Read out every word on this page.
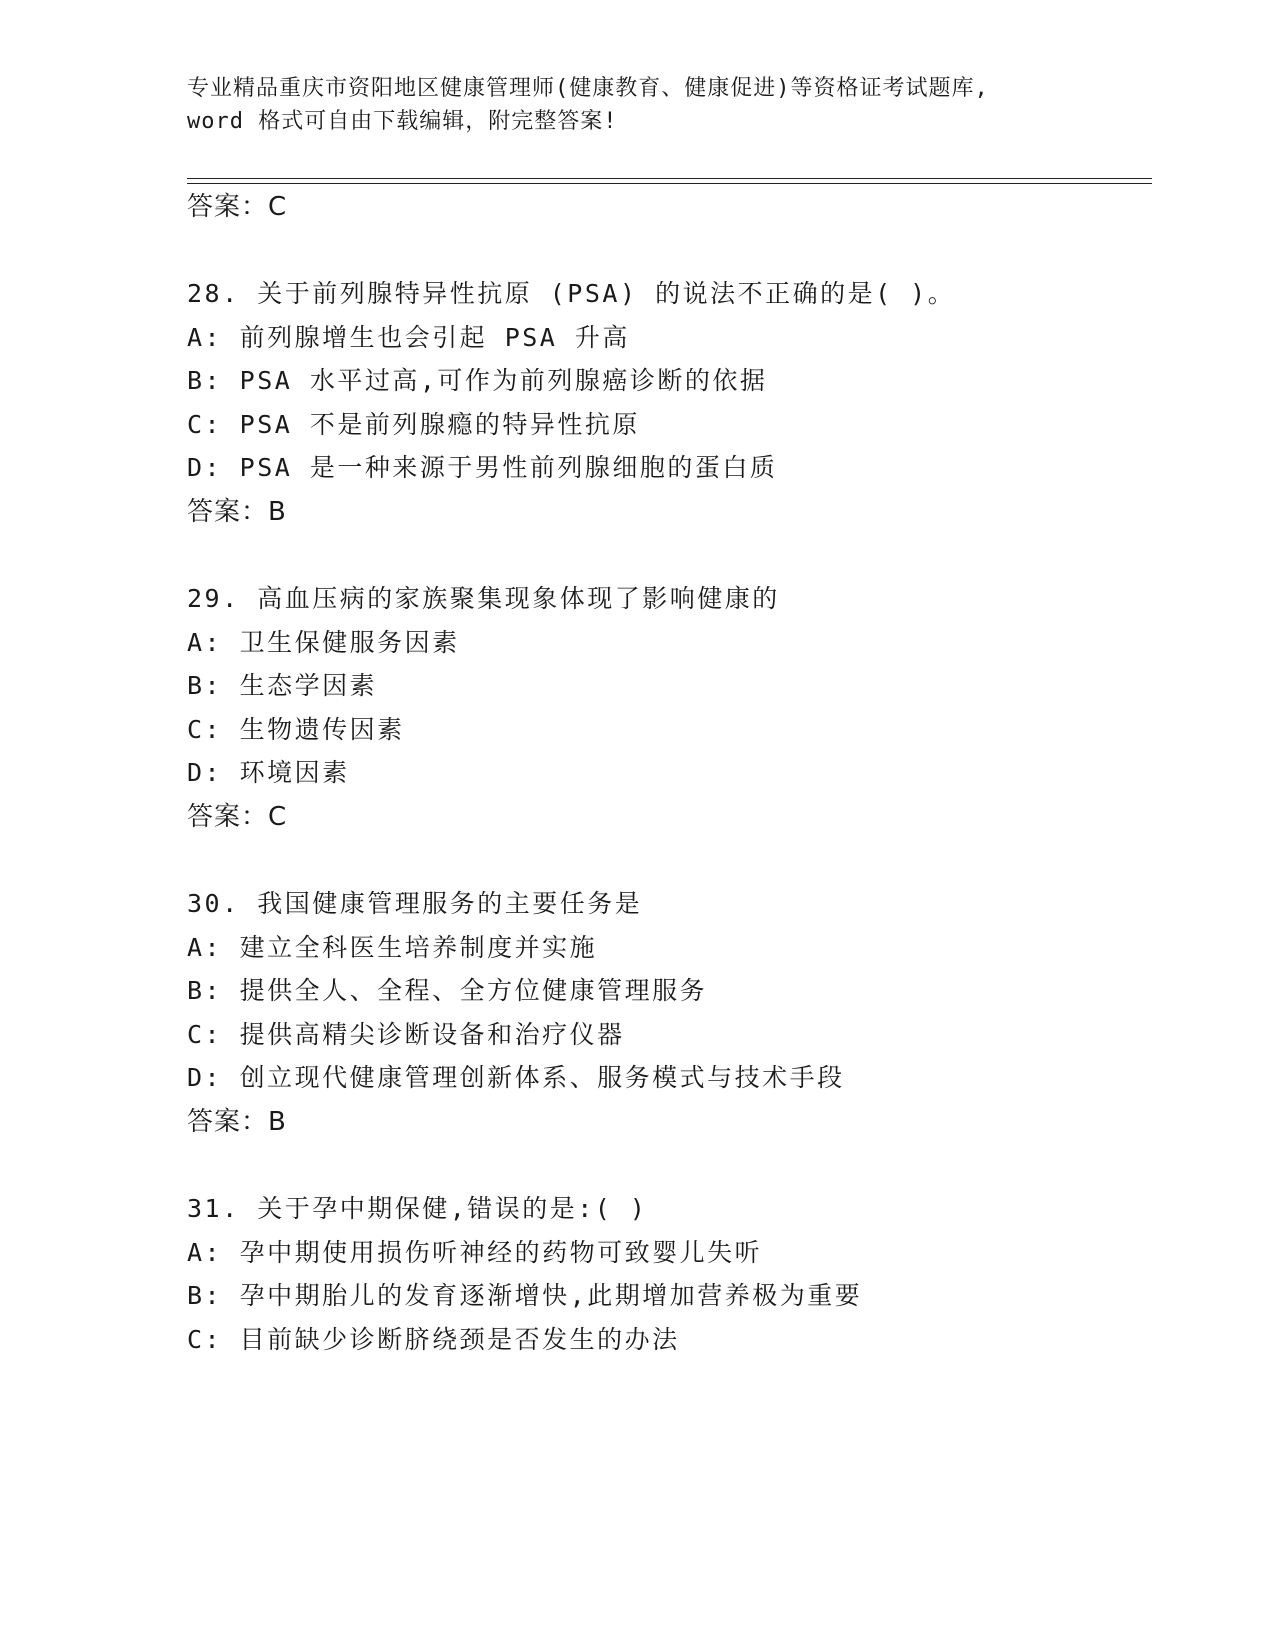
专业精品重庆市资阳地区健康管理师(健康教育、健康促进)等资格证考试题库,
word 格式可自由下载编辑，附完整答案!
答案：C
28. 关于前列腺特异性抗原 (PSA) 的说法不正确的是( )。
A: 前列腺增生也会引起 PSA 升高
B: PSA 水平过高,可作为前列腺癌诊断的依据
C: PSA 不是前列腺瘾的特异性抗原
D: PSA 是一种来源于男性前列腺细胞的蛋白质
答案：B
29. 高血压病的家族聚集现象体现了影响健康的
A: 卫生保健服务因素
B: 生态学因素
C: 生物遗传因素
D: 环境因素
答案：C
30. 我国健康管理服务的主要任务是
A: 建立全科医生培养制度并实施
B: 提供全人、全程、全方位健康管理服务
C: 提供高精尖诊断设备和治疗仪器
D: 创立现代健康管理创新体系、服务模式与技术手段
答案：B
31. 关于孕中期保健,错误的是:( )
A: 孕中期使用损伤听神经的药物可致婴儿失听
B: 孕中期胎儿的发育逐渐增快,此期增加营养极为重要
C: 目前缺少诊断脐绕颈是否发生的办法
